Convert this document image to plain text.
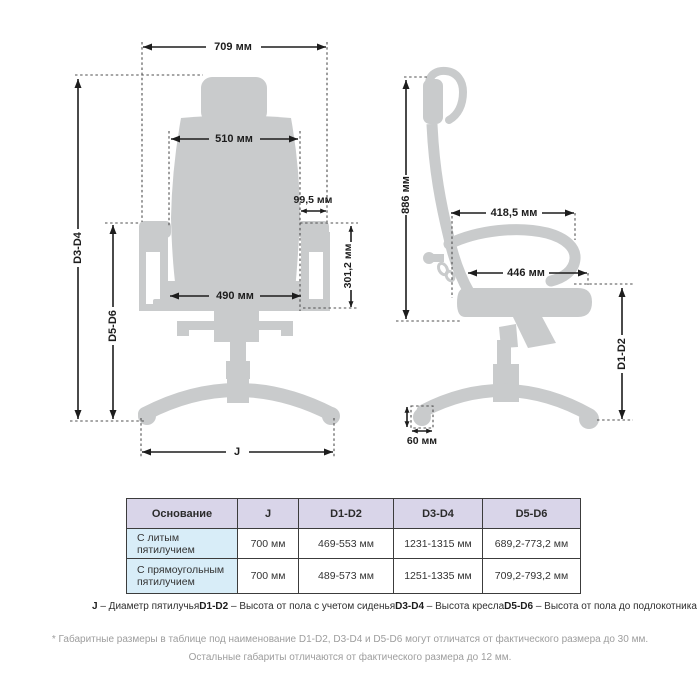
709 мм
510 мм
99,5 мм
301,2 мм
490 мм
D3-D4
D5-D6
J
886 мм	418,5 мм
446 мм
D1-D2
60 мм
Основание	J	D1-D2	D3-D4	D5-D6
С литым пятилучием	700 мм	469-553 мм	1231-1315 мм	689,2-773,2 мм
С прямоугольным пятилучием	700 мм	489-573 мм	1251-1335 мм	709,2-793,2 мм
J – Диаметр пятилучья D1-D2 – Высота от пола с учетом сиденья D3-D4 – Высота кресла D5-D6 – Высота от пола до подлокотника
* Габаритные размеры в таблице под наименование D1-D2, D3-D4 и D5-D6 могут отличатся от фактического размера до 30 мм.
Остальные габариты отличаются от фактического размера до 12 мм.
